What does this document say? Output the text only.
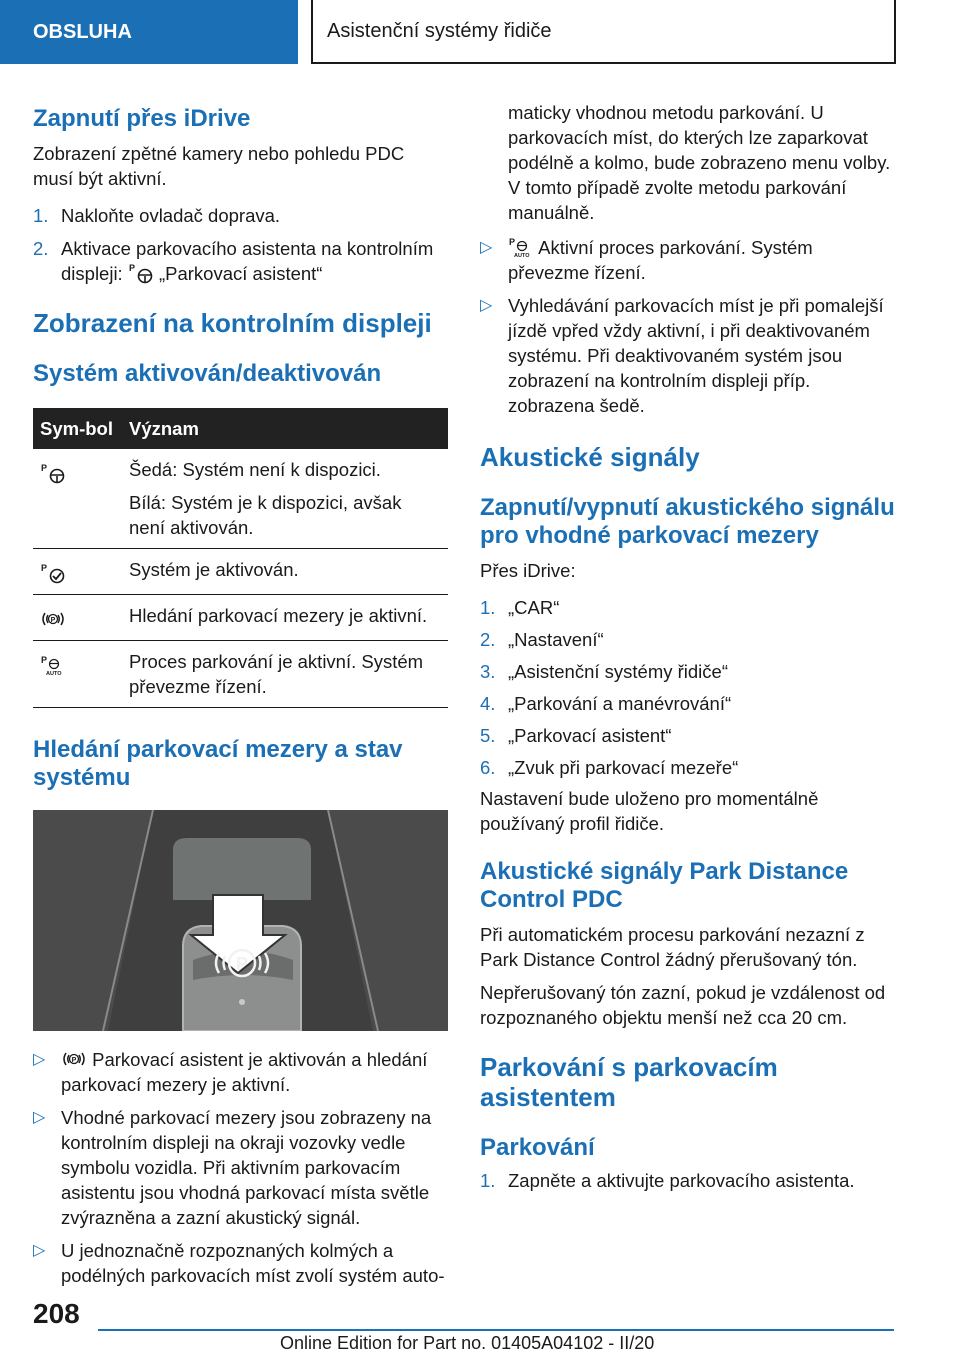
OBSLUHA	Asistenční systémy řidiče
Zapnutí přes iDrive

Zobrazení zpětné kamery nebo pohledu PDC musí být aktivní.

1. Nakloňte ovladač doprava.
2. Aktivace parkovacího asistenta na kontrolním displeji: P „Parkovací asistent“
Zobrazení na kontrolním displeji
Systém aktivován/deaktivován
Sym-bol	Význam

P	Šedá: Systém není k dispozici.

Bílá: Systém je k dispozici, avšak není aktivován.

P	Systém je aktivován.

P	Hledání parkovací mezery je aktivní.

P
AUTO	Proces parkování je aktivní. Systém převezme řízení.

Hledání parkovací mezery a stav systému
P
▷	P Parkovací asistent je aktivován a hledání parkovací mezery je aktivní.
▷ Vhodné parkovací mezery jsou zobrazeny na kontrolním displeji na okraji vozovky vedle symbolu vozidla. Při aktivním parkovacím asistentu jsou vhodná parkovací místa světle zvýrazněna a zazní akustický signál.
▷ U jednoznačně rozpoznaných kolmých a podélných parkovacích míst zvolí systém auto-

maticky vhodnou metodu parkování. U parkovacích míst, do kterých lze zaparkovat podélně a kolmo, bude zobrazeno menu volby. V tomto případě zvolte metodu parkování manuálně.

▷ P
AUTO Aktivní proces parkování. Systém převezme řízení.
▷ Vyhledávání parkovacích míst je při pomalejší jízdě vpřed vždy aktivní, i při deaktivovaném systému. Při deaktivovaném systém jsou zobrazení na kontrolním displeji příp. zobrazena šedě.
Akustické signály
Zapnutí/vypnutí akustického signálu pro vhodné parkovací mezery

Přes iDrive:

1. „CAR“
2. „Nastavení“
3. „Asistenční systémy řidiče“
4. „Parkování a manévrování“
5. „Parkovací asistent“
6. „Zvuk při parkovací mezeře“

Nastavení bude uloženo pro momentálně používaný profil řidiče.

Akustické signály Park Distance Control PDC

Při automatickém procesu parkování nezazní z Park Distance Control žádný přerušovaný tón.

Nepřerušovaný tón zazní, pokud je vzdálenost od rozpoznaného objektu menší než cca 20 cm.

Parkování s parkovacím asistentem
Parkování
1. Zapněte a aktivujte parkovacího asistenta.
208
Online Edition for Part no. 01405A04102 - II/20
